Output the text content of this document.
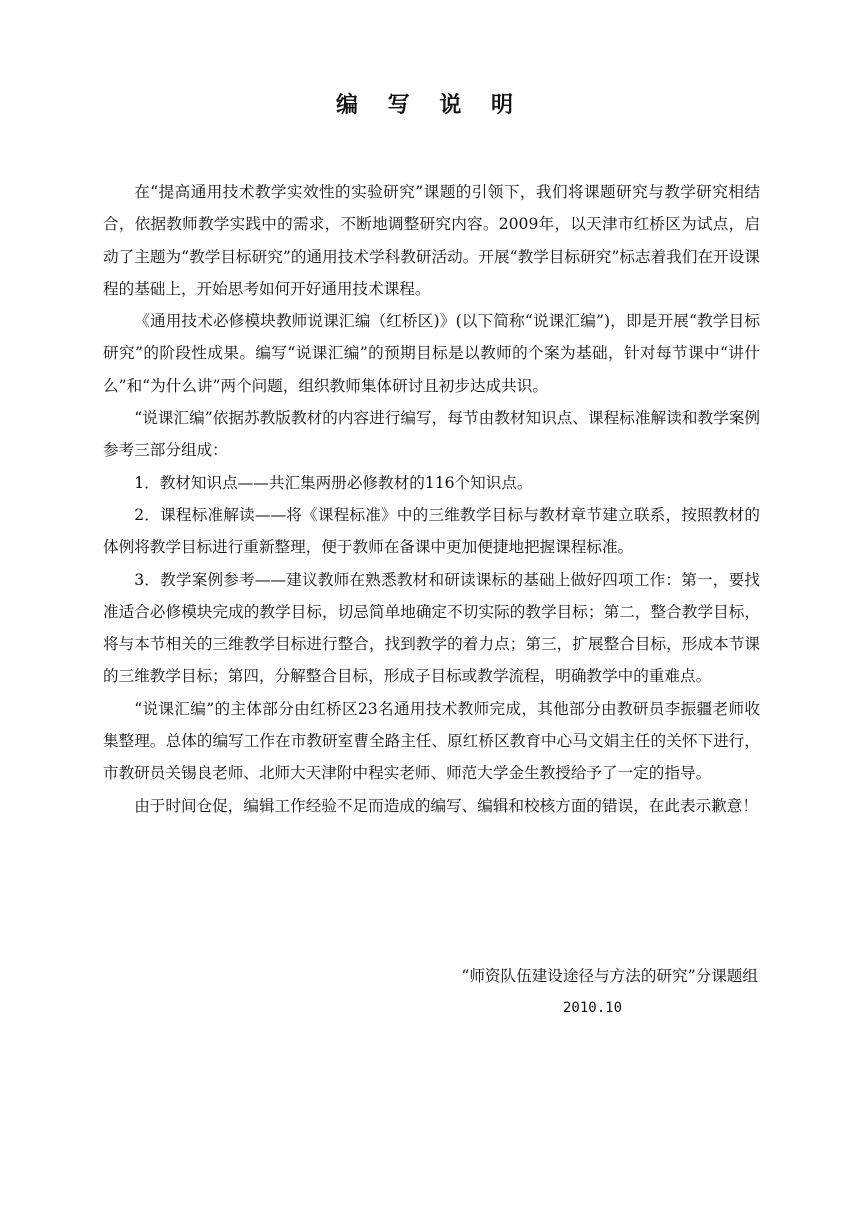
编 写 说 明

在“提高通用技术教学实效性的实验研究”课题的引领下，我们将课题研究与教学研究相结合，依据教师教学实践中的需求，不断地调整研究内容。2009年，以天津市红桥区为试点，启动了主题为“教学目标研究”的通用技术学科教研活动。开展“教学目标研究”标志着我们在开设课程的基础上，开始思考如何开好通用技术课程。

《通用技术必修模块教师说课汇编（红桥区)》(以下简称“说课汇编”)，即是开展“教学目标研究”的阶段性成果。编写“说课汇编”的预期目标是以教师的个案为基础，针对每节课中“讲什么”和“为什么讲”两个问题，组织教师集体研讨且初步达成共识。

“说课汇编”依据苏教版教材的内容进行编写，每节由教材知识点、课程标准解读和教学案例参考三部分组成：

1．教材知识点——共汇集两册必修教材的116个知识点。

2．课程标准解读——将《课程标准》中的三维教学目标与教材章节建立联系，按照教材的体例将教学目标进行重新整理，便于教师在备课中更加便捷地把握课程标准。

3．教学案例参考——建议教师在熟悉教材和研读课标的基础上做好四项工作：第一，要找准适合必修模块完成的教学目标，切忌简单地确定不切实际的教学目标；第二，整合教学目标，将与本节相关的三维教学目标进行整合，找到教学的着力点；第三，扩展整合目标，形成本节课的三维教学目标；第四，分解整合目标，形成子目标或教学流程，明确教学中的重难点。

“说课汇编”的主体部分由红桥区23名通用技术教师完成，其他部分由教研员李振疆老师收集整理。总体的编写工作在市教研室曹全路主任、原红桥区教育中心马文娟主任的关怀下进行，市教研员关锡良老师、北师大天津附中程实老师、师范大学金生教授给予了一定的指导。

由于时间仓促，编辑工作经验不足而造成的编写、编辑和校核方面的错误，在此表示歉意！

“师资队伍建设途径与方法的研究”分课题组
2010.10
